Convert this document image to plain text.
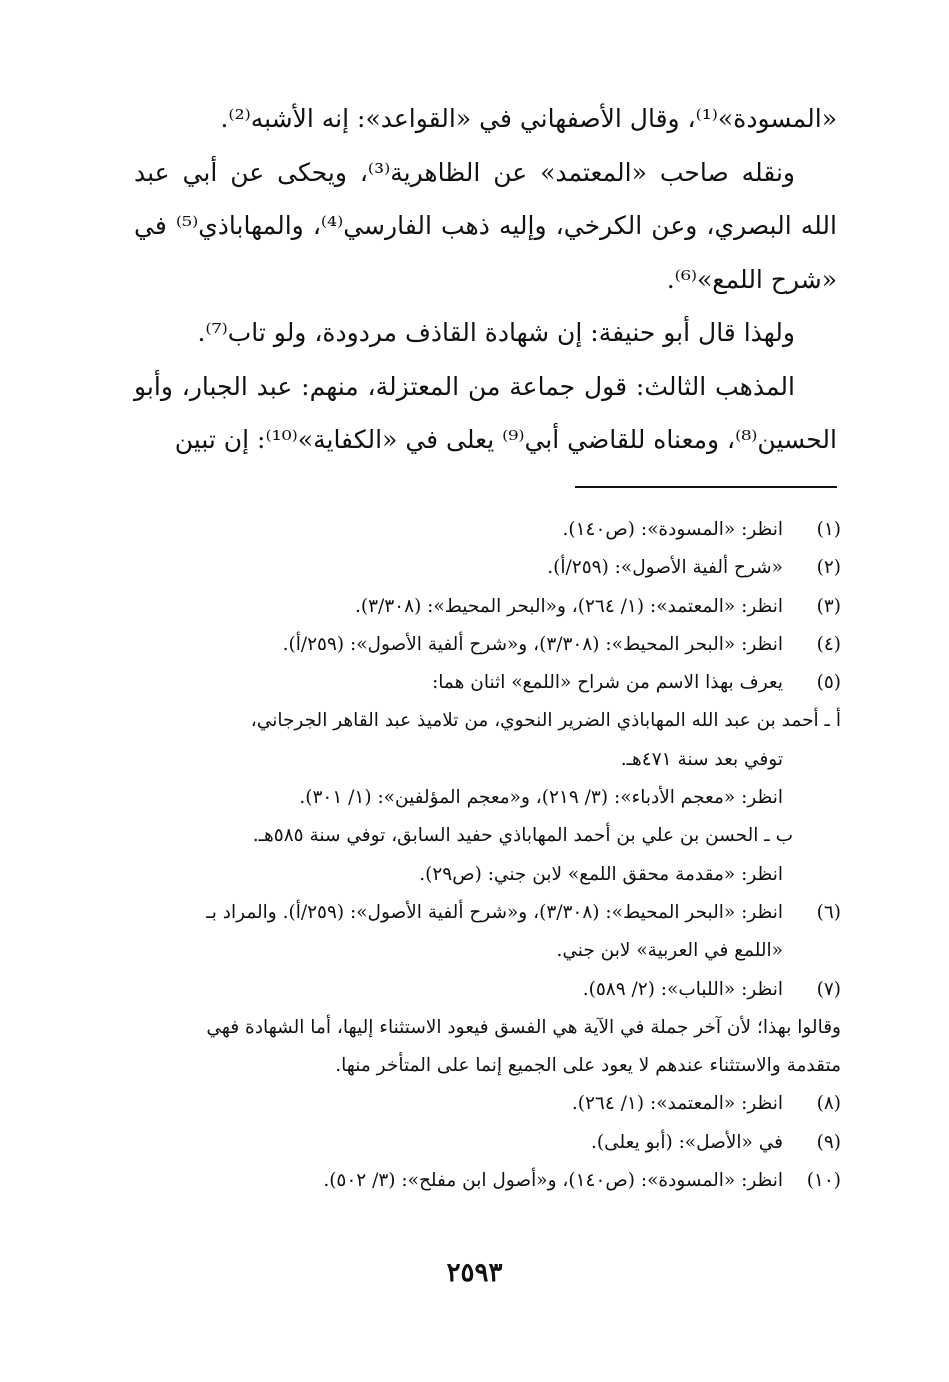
«المسودة»⁽¹⁾، وقال الأصفهاني في «القواعد»: إنه الأشبه⁽²⁾.

ونقله صاحب «المعتمد» عن الظاهرية⁽³⁾، ويحكى عن أبي عبد الله البصري، وعن الكرخي، وإليه ذهب الفارسي⁽⁴⁾، والمهاباذي⁽⁵⁾ في «شرح اللمع»⁽⁶⁾.

ولهذا قال أبو حنيفة: إن شهادة القاذف مردودة، ولو تاب⁽⁷⁾.

المذهب الثالث: قول جماعة من المعتزلة، منهم: عبد الجبار، وأبو الحسين⁽⁸⁾، ومعناه للقاضي أبي⁽⁹⁾ يعلى في «الكفاية»⁽¹⁰⁾: إن تبين

(١)
انظر: «المسودة»: (ص١٤٠).
(٢)
«شرح ألفية الأصول»: (٢٥٩/أ).
(٣)
انظر: «المعتمد»: (١/ ٢٦٤)، و«البحر المحيط»: (٣/٣٠٨).
(٤)
انظر: «البحر المحيط»: (٣/٣٠٨)، و«شرح ألفية الأصول»: (٢٥٩/أ).
(٥)
يعرف بهذا الاسم من شراح «اللمع» اثنان هما:
أ ـ أحمد بن عبد الله المهاباذي الضرير النحوي، من تلاميذ عبد القاهر الجرجاني،
توفي بعد سنة ٤٧١هـ.
انظر: «معجم الأدباء»: (٣/ ٢١٩)، و«معجم المؤلفين»: (١/ ٣٠١).
ب ـ الحسن بن علي بن أحمد المهاباذي حفيد السابق، توفي سنة ٥٨٥هـ.
انظر: «مقدمة محقق اللمع» لابن جني: (ص٢٩).
(٦)
انظر: «البحر المحيط»: (٣/٣٠٨)، و«شرح ألفية الأصول»: (٢٥٩/أ). والمراد بـ
«اللمع في العربية» لابن جني.
(٧)
انظر: «اللباب»: (٢/ ٥٨٩).
وقالوا بهذا؛ لأن آخر جملة في الآية هي الفسق فيعود الاستثناء إليها، أما الشهادة فهي
متقدمة والاستثناء عندهم لا يعود على الجميع إنما على المتأخر منها.
(٨)
انظر: «المعتمد»: (١/ ٢٦٤).
(٩)
في «الأصل»: (أبو يعلى).
(١٠)
انظر: «المسودة»: (ص١٤٠)، و«أصول ابن مفلح»: (٣/ ٥٠٢).
٢٥٩٣
